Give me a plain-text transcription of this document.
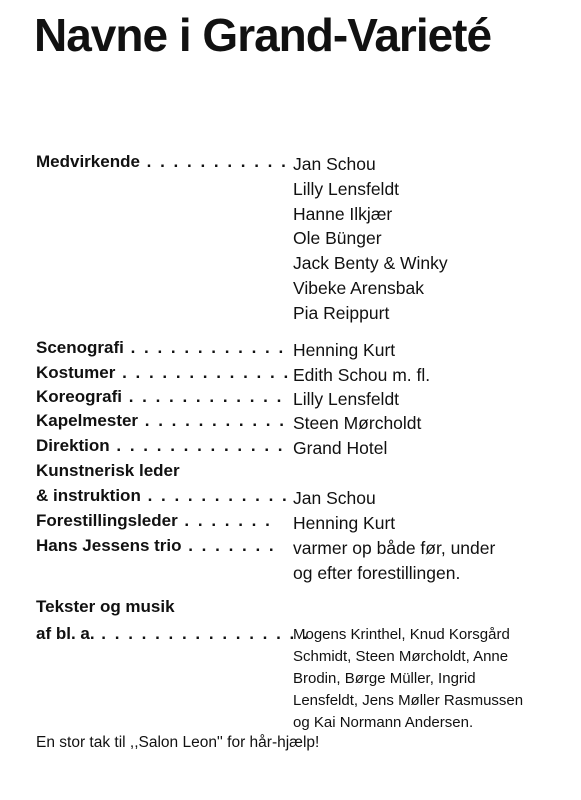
Navne i Grand-Varieté
Medvirkende . . . . . . . . . . . Jan Schou
Lilly Lensfeldt
Hanne Ilkjær
Ole Bünger
Jack Benty & Winky
Vibeke Arensbak
Pia Reippurt
Scenografi . . . . . . . . . . . . Henning Kurt
Kostumer . . . . . . . . . . . . . Edith Schou m. fl.
Koreografi . . . . . . . . . . . . Lilly Lensfeldt
Kapelmester . . . . . . . . . . . Steen Mørcholdt
Direktion . . . . . . . . . . . . . Grand Hotel
Kunstnerisk leder
& instruktion . . . . . . . . . . . Jan Schou
Forestillingsleder . . . . . . .	Henning Kurt
Hans Jessens trio . . . . . . . varmer op både før, under
og efter forestillingen.
Tekster og musik
af bl. a. . . . . . . . . . . . . . . . .
Mogens Krinthel, Knud Korsgård
Schmidt, Steen Mørcholdt, Anne
Brodin, Børge Müller, Ingrid
Lensfeldt, Jens Møller Rasmussen
og Kai Normann Andersen.
En stor tak til ,,Salon Leon'' for hår-hjælp!
